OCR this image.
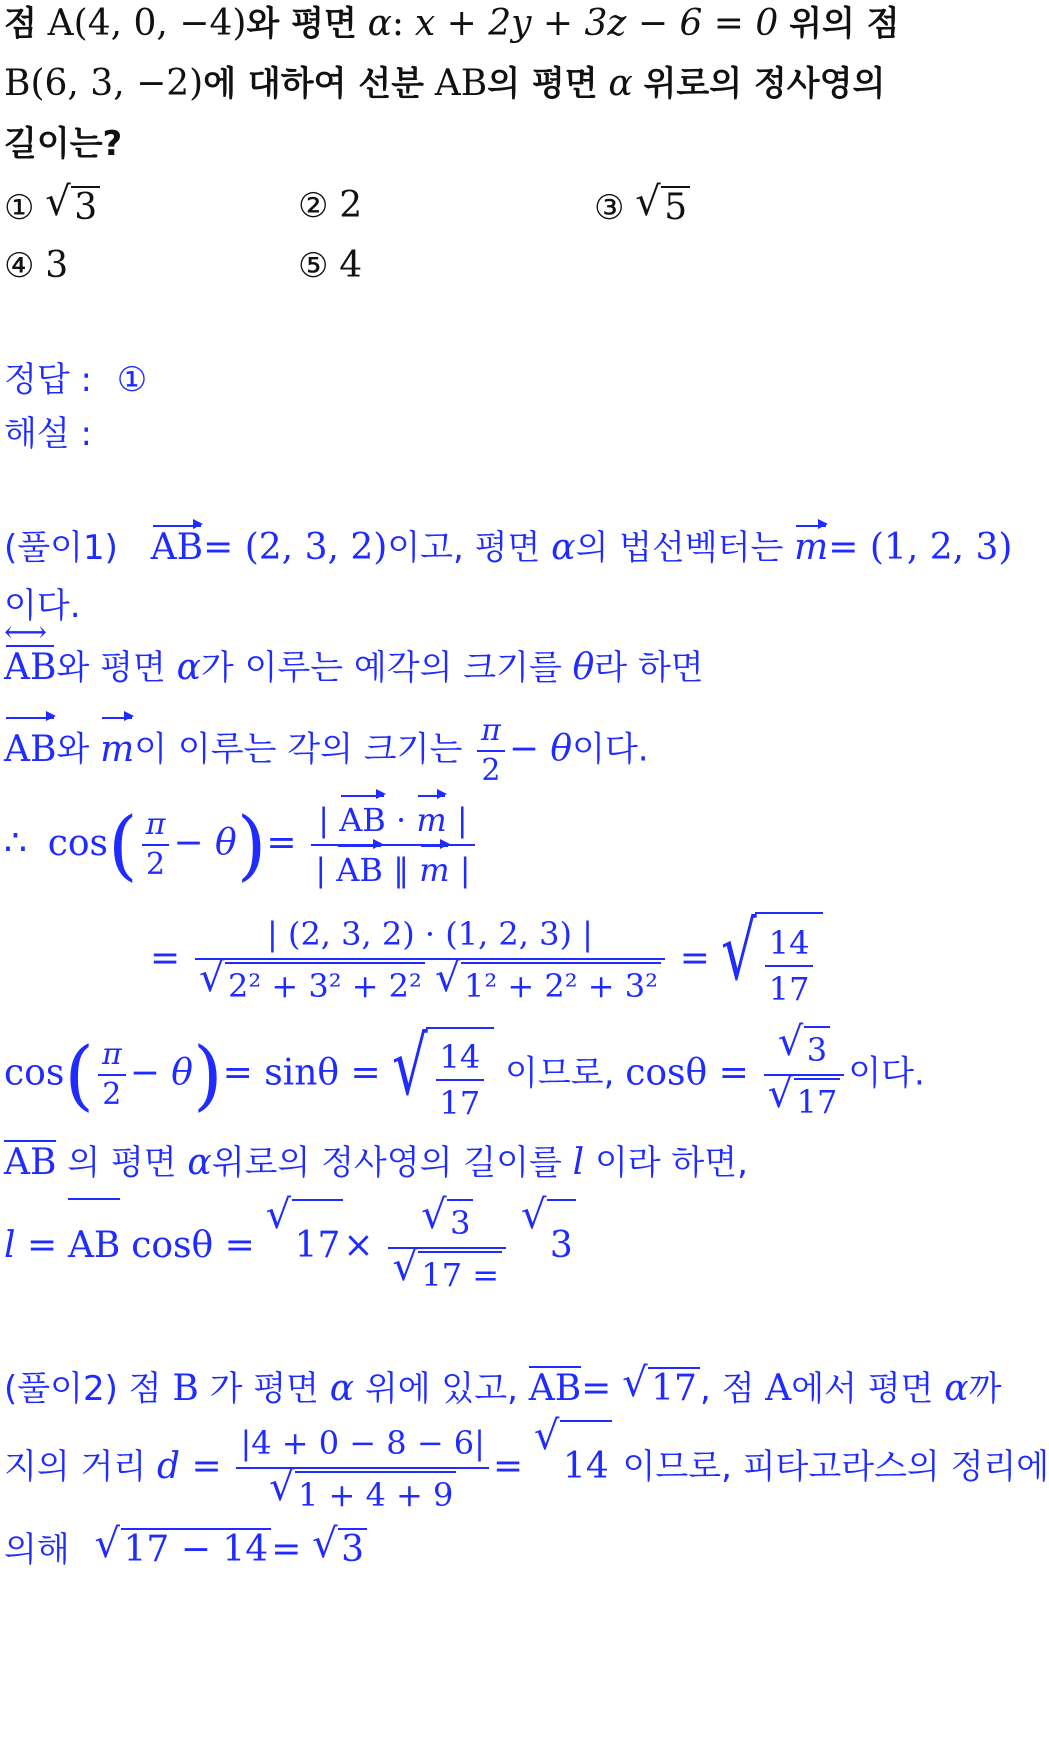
점 A(4, 0, −4)와 평면 α: x + 2y + 3z − 6 = 0 위의 점
B(6, 3, −2)에 대하여 선분 AB의 평면 α 위로의 정사영의
길이는?
① √ 3	② 2	③ √ 5
④ 3	⑤ 4
정답 : ①
해설 :
(풀이1) AB= (2, 3, 2)이고, 평면 α의 법선벡터는 m= (1, 2, 3)
이다.
AB ⟷와 평면 α가 이루는 예각의 크기를 θ라 하면
AB와 m이 이루는 각의 크기는 $\frac{\pi}{2} - \theta$이다.
∴ $\cos( \frac{\pi}{2} - \theta)= \frac{| AB \cdot m |}{| AB ‖ m |}$
= | (2, 3, 2) · (1, 2, 3) |
√ 2² + 3² + 2² √ 1² + 2² + 3² = √ $\frac{14}{17}$
$\cos( \frac{\pi}{2} - \theta)= \sin\theta$ = √ $\frac{14}{17}$ 이므로, cosθ = √ 3
√ 17 이다.
AB 의 평면 α위로의 정사영의 길이를 l 이라 하면,
l = AB cosθ = √ 17× √ 3
√ 17 = √ 3
(풀이2) 점 B 가 평면 α 위에 있고, AB= √ 17, 점 A에서 평면 α까
지의 거리 d = |4 + 0 − 8 − 6|
√ 1 + 4 + 9 = √ 14 이므로, 피타고라스의 정리에
의해 √ 17 − 14= √ 3
